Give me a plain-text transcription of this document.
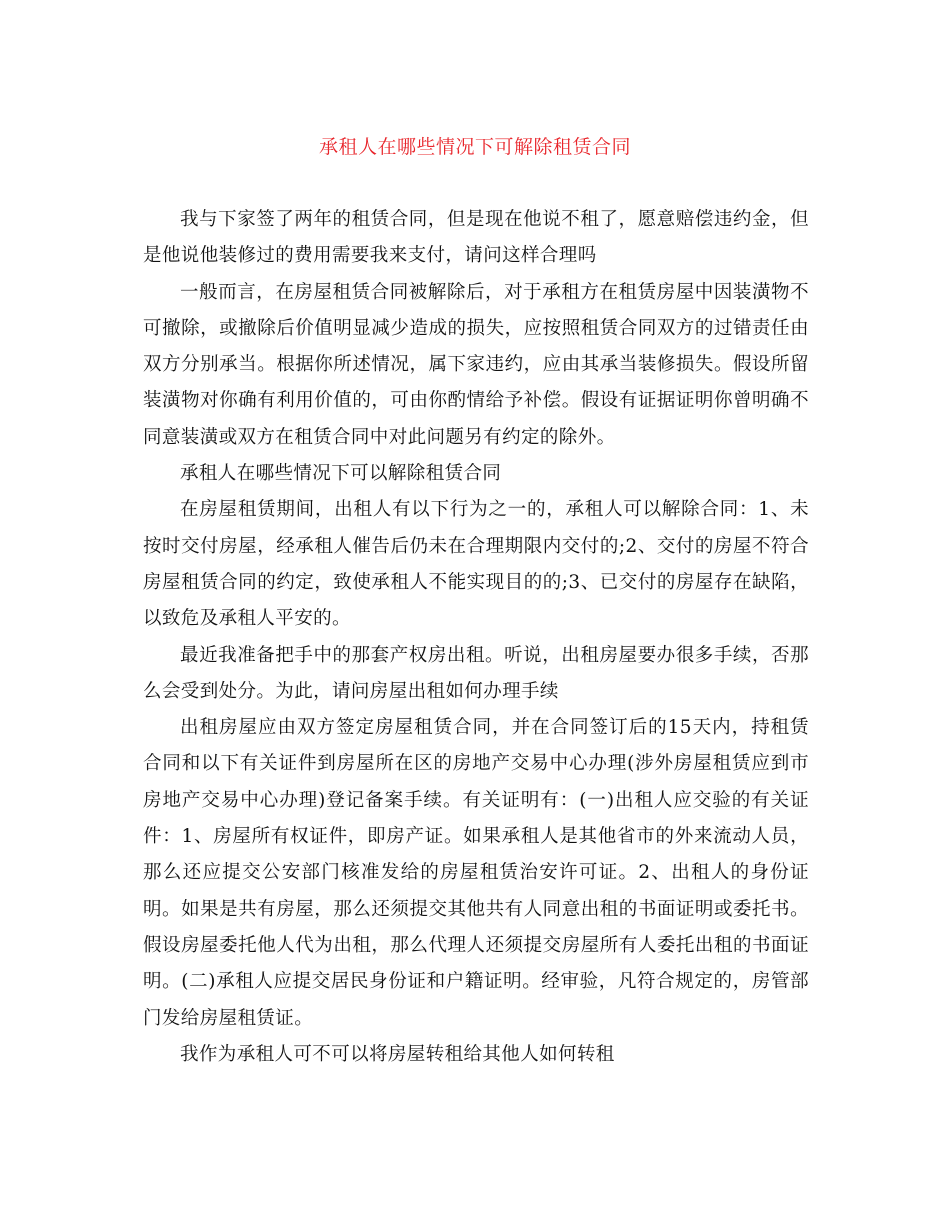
承租人在哪些情况下可解除租赁合同

我与下家签了两年的租赁合同，但是现在他说不租了，愿意赔偿违约金，但是他说他装修过的费用需要我来支付，请问这样合理吗

一般而言，在房屋租赁合同被解除后，对于承租方在租赁房屋中因装潢物不可撤除，或撤除后价值明显减少造成的损失，应按照租赁合同双方的过错责任由双方分别承当。根据你所述情况，属下家违约，应由其承当装修损失。假设所留装潢物对你确有利用价值的，可由你酌情给予补偿。假设有证据证明你曾明确不同意装潢或双方在租赁合同中对此问题另有约定的除外。

承租人在哪些情况下可以解除租赁合同

在房屋租赁期间，出租人有以下行为之一的，承租人可以解除合同：1、未按时交付房屋，经承租人催告后仍未在合理期限内交付的;2、交付的房屋不符合房屋租赁合同的约定，致使承租人不能实现目的的;3、已交付的房屋存在缺陷，以致危及承租人平安的。

最近我准备把手中的那套产权房出租。听说，出租房屋要办很多手续，否那么会受到处分。为此，请问房屋出租如何办理手续

出租房屋应由双方签定房屋租赁合同，并在合同签订后的15天内，持租赁合同和以下有关证件到房屋所在区的房地产交易中心办理(涉外房屋租赁应到市房地产交易中心办理)登记备案手续。有关证明有：(一)出租人应交验的有关证件：1、房屋所有权证件，即房产证。如果承租人是其他省市的外来流动人员，那么还应提交公安部门核准发给的房屋租赁治安许可证。2、出租人的身份证明。如果是共有房屋，那么还须提交其他共有人同意出租的书面证明或委托书。假设房屋委托他人代为出租，那么代理人还须提交房屋所有人委托出租的书面证明。(二)承租人应提交居民身份证和户籍证明。经审验，凡符合规定的，房管部门发给房屋租赁证。

我作为承租人可不可以将房屋转租给其他人如何转租
